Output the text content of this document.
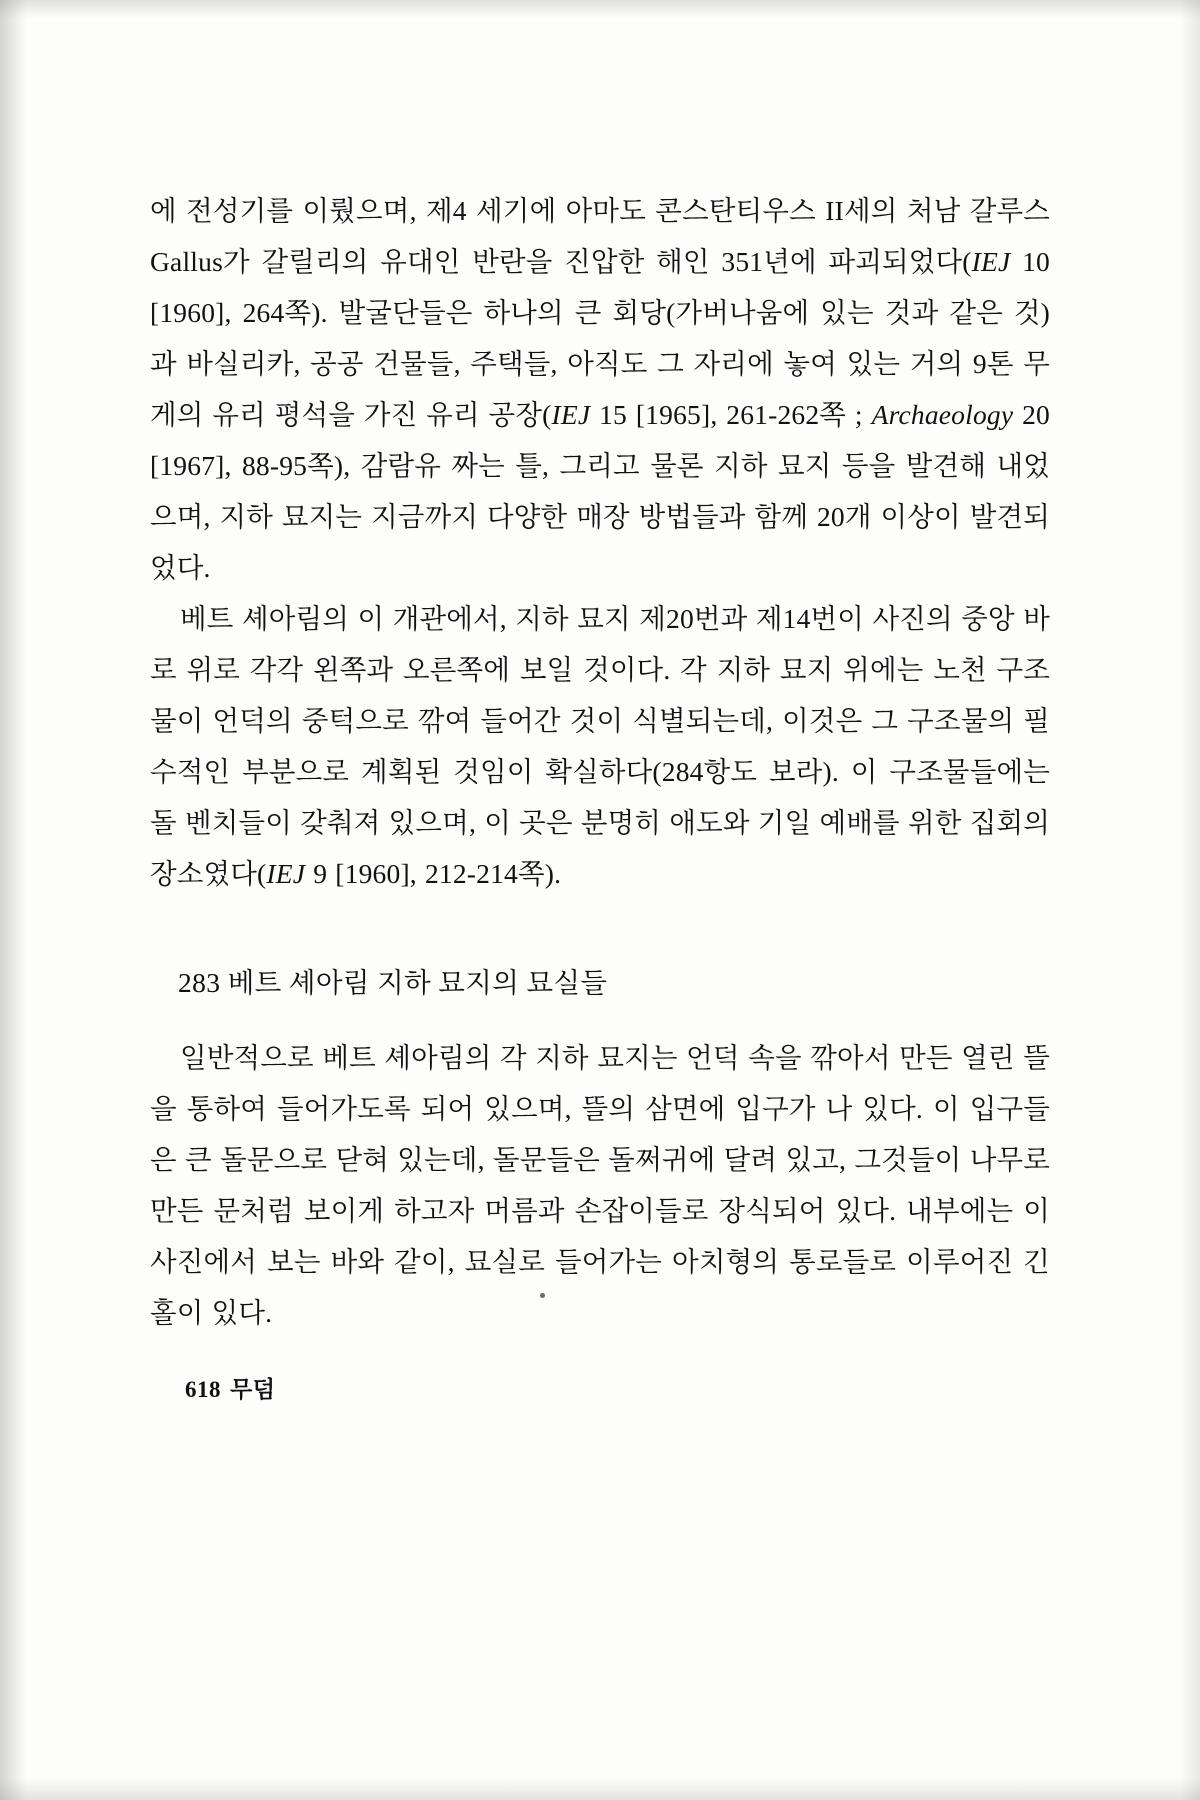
에 전성기를 이뤘으며, 제4 세기에 아마도 콘스탄티우스 II세의 처남 갈루스Gallus가 갈릴리의 유대인 반란을 진압한 해인 351년에 파괴되었다(IEJ 10 [1960], 264쪽). 발굴단들은 하나의 큰 회당(가버나움에 있는 것과 같은 것)과 바실리카, 공공 건물들, 주택들, 아직도 그 자리에 놓여 있는 거의 9톤 무게의 유리 평석을 가진 유리 공장(IEJ 15 [1965], 261-262쪽 ; Archaeology 20 [1967], 88-95쪽), 감람유 짜는 틀, 그리고 물론 지하 묘지 등을 발견해 내었으며, 지하 묘지는 지금까지 다양한 매장 방법들과 함께 20개 이상이 발견되었다.

베트 셰아림의 이 개관에서, 지하 묘지 제20번과 제14번이 사진의 중앙 바로 위로 각각 왼쪽과 오른쪽에 보일 것이다. 각 지하 묘지 위에는 노천 구조물이 언덕의 중턱으로 깎여 들어간 것이 식별되는데, 이것은 그 구조물의 필수적인 부분으로 계획된 것임이 확실하다(284항도 보라). 이 구조물들에는 돌 벤치들이 갖춰져 있으며, 이 곳은 분명히 애도와 기일 예배를 위한 집회의 장소였다(IEJ 9 [1960], 212-214쪽).

283 베트 셰아림 지하 묘지의 묘실들

일반적으로 베트 셰아림의 각 지하 묘지는 언덕 속을 깎아서 만든 열린 뜰을 통하여 들어가도록 되어 있으며, 뜰의 삼면에 입구가 나 있다. 이 입구들은 큰 돌문으로 닫혀 있는데, 돌문들은 돌쩌귀에 달려 있고, 그것들이 나무로 만든 문처럼 보이게 하고자 머름과 손잡이들로 장식되어 있다. 내부에는 이 사진에서 보는 바와 같이, 묘실로 들어가는 아치형의 통로들로 이루어진 긴 홀이 있다.

618 무덤
